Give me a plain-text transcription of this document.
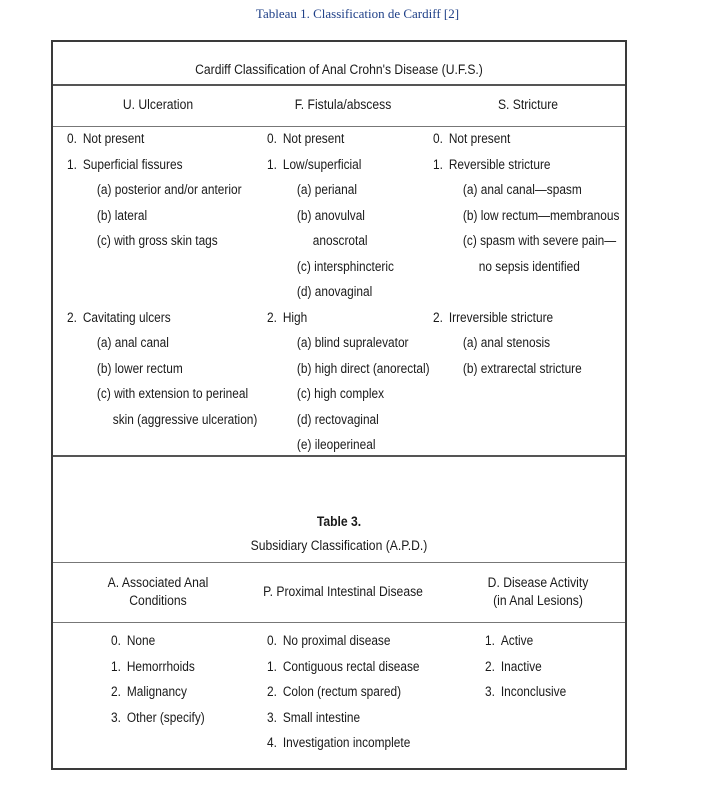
Tableau 1. Classification de Cardiff [2]
Cardiff Classification of Anal Crohn's Disease (U.F.S.)
U. Ulceration	F. Fistula/abscess	S. Stricture
0. Not present
1. Superficial fissures
(a) posterior and/or anterior
(b) lateral
(c) with gross skin tags
2. Cavitating ulcers
(a) anal canal
(b) lower rectum
(c) with extension to perineal
skin (aggressive ulceration)
0. Not present
1. Low/superficial
(a) perianal
(b) anovulval
anoscrotal
(c) intersphincteric
(d) anovaginal
2. High
(a) blind supralevator
(b) high direct (anorectal)
(c) high complex
(d) rectovaginal
(e) ileoperineal
0. Not present
1. Reversible stricture
(a) anal canal—spasm
(b) low rectum—membranous
(c) spasm with severe pain—
no sepsis identified
2. Irreversible stricture
(a) anal stenosis
(b) extrarectal stricture
Table 3.
Subsidiary Classification (A.P.D.)
A. Associated Anal
Conditions
P. Proximal Intestinal Disease
D. Disease Activity
(in Anal Lesions)
0. None
1. Hemorrhoids
2. Malignancy
3. Other (specify)
0. No proximal disease
1. Contiguous rectal disease
2. Colon (rectum spared)
3. Small intestine
4. Investigation incomplete
1. Active
2. Inactive
3. Inconclusive
